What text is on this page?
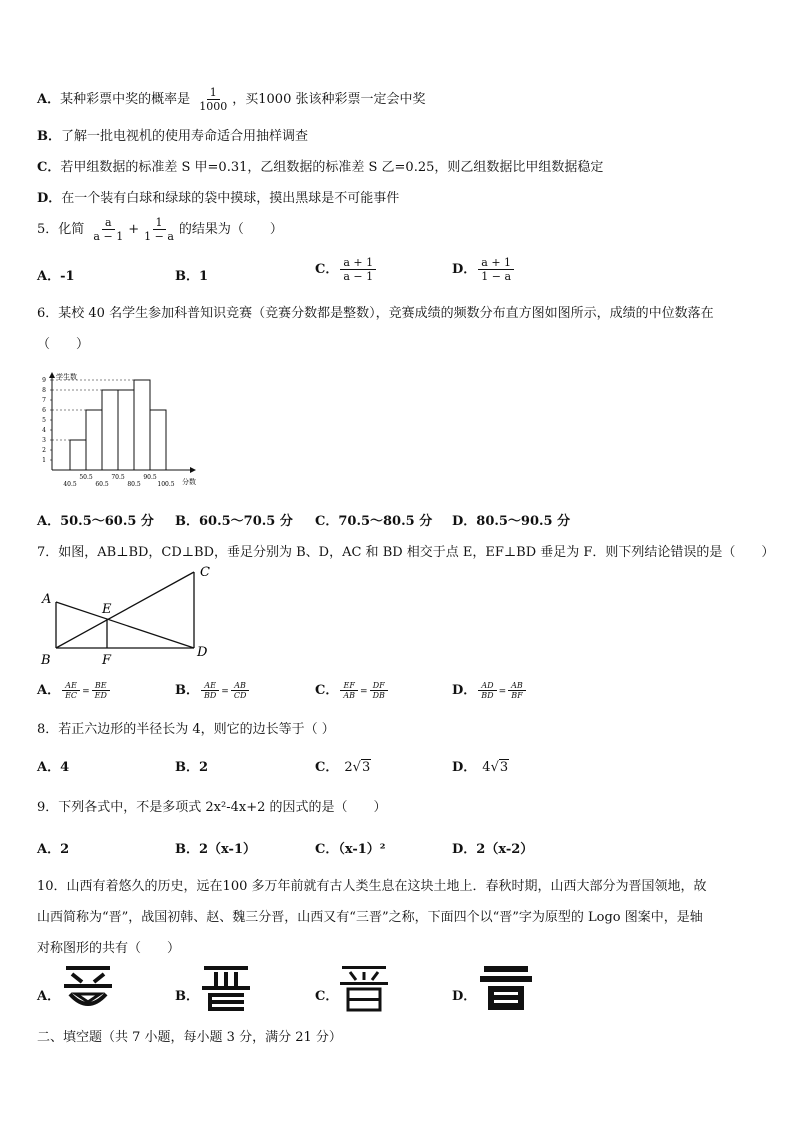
A．某种彩票中奖的概率是 $\frac{1}{1000}$ ，买1000 张该种彩票一定会中奖
B．了解一批电视机的使用寿命适合用抽样调查
C．若甲组数据的标准差 S 甲=0.31，乙组数据的标准差 S 乙=0.25，则乙组数据比甲组数据稳定
D．在一个装有白球和绿球的袋中摸球，摸出黑球是不可能事件
5．化简 $\frac{a}{a - 1} + \frac{1}{1 - a}$ 的结果为（　　）
A．-1	B．1	C． $\frac{a + 1}{a - 1}$	D． $\frac{a + 1}{1 - a}$
6．某校 40 名学生参加科普知识竞赛（竞赛分数都是整数），竞赛成绩的频数分布直方图如图所示，成绩的中位数落在
（　　）
学生数
分数
1
2
3
4
5
6
7
8
9
40.5
50.5
60.5
70.5
80.5
90.5
100.5
A．50.5～60.5 分 B．60.5～70.5 分 C．70.5～80.5 分 D．80.5～90.5 分
7．如图，AB⊥BD，CD⊥BD，垂足分别为 B、D，AC 和 BD 相交于点 E，EF⊥BD 垂足为 F．则下列结论错误的是（　　）
A
B
C
D
E
F
A． $\frac{AE}{EC} = \frac{BE}{ED}$	B． $\frac{AE}{BD} = \frac{AB}{CD}$	C． $\frac{EF}{AB} = \frac{DF}{DB}$	D． $\frac{AD}{BD} = \frac{AB}{BF}$
8．若正六边形的半径长为 4，则它的边长等于（ ）
A．4	B．2	C． 2√3	D． 4√3
9．下列各式中，不是多项式 2x²-4x+2 的因式的是（　　）
A．2	B．2（x-1）	C．（x-1）²	D．2（x-2）
10．山西有着悠久的历史，远在100 多万年前就有古人类生息在这块土地上．春秋时期，山西大部分为晋国领地，故
山西简称为“晋”，战国初韩、赵、魏三分晋，山西又有“三晋”之称，下面四个以“晋”字为原型的 Logo 图案中，是轴
对称图形的共有（　　）
A．	B．	C．	D．
二、填空题（共 7 小题，每小题 3 分，满分 21 分）
